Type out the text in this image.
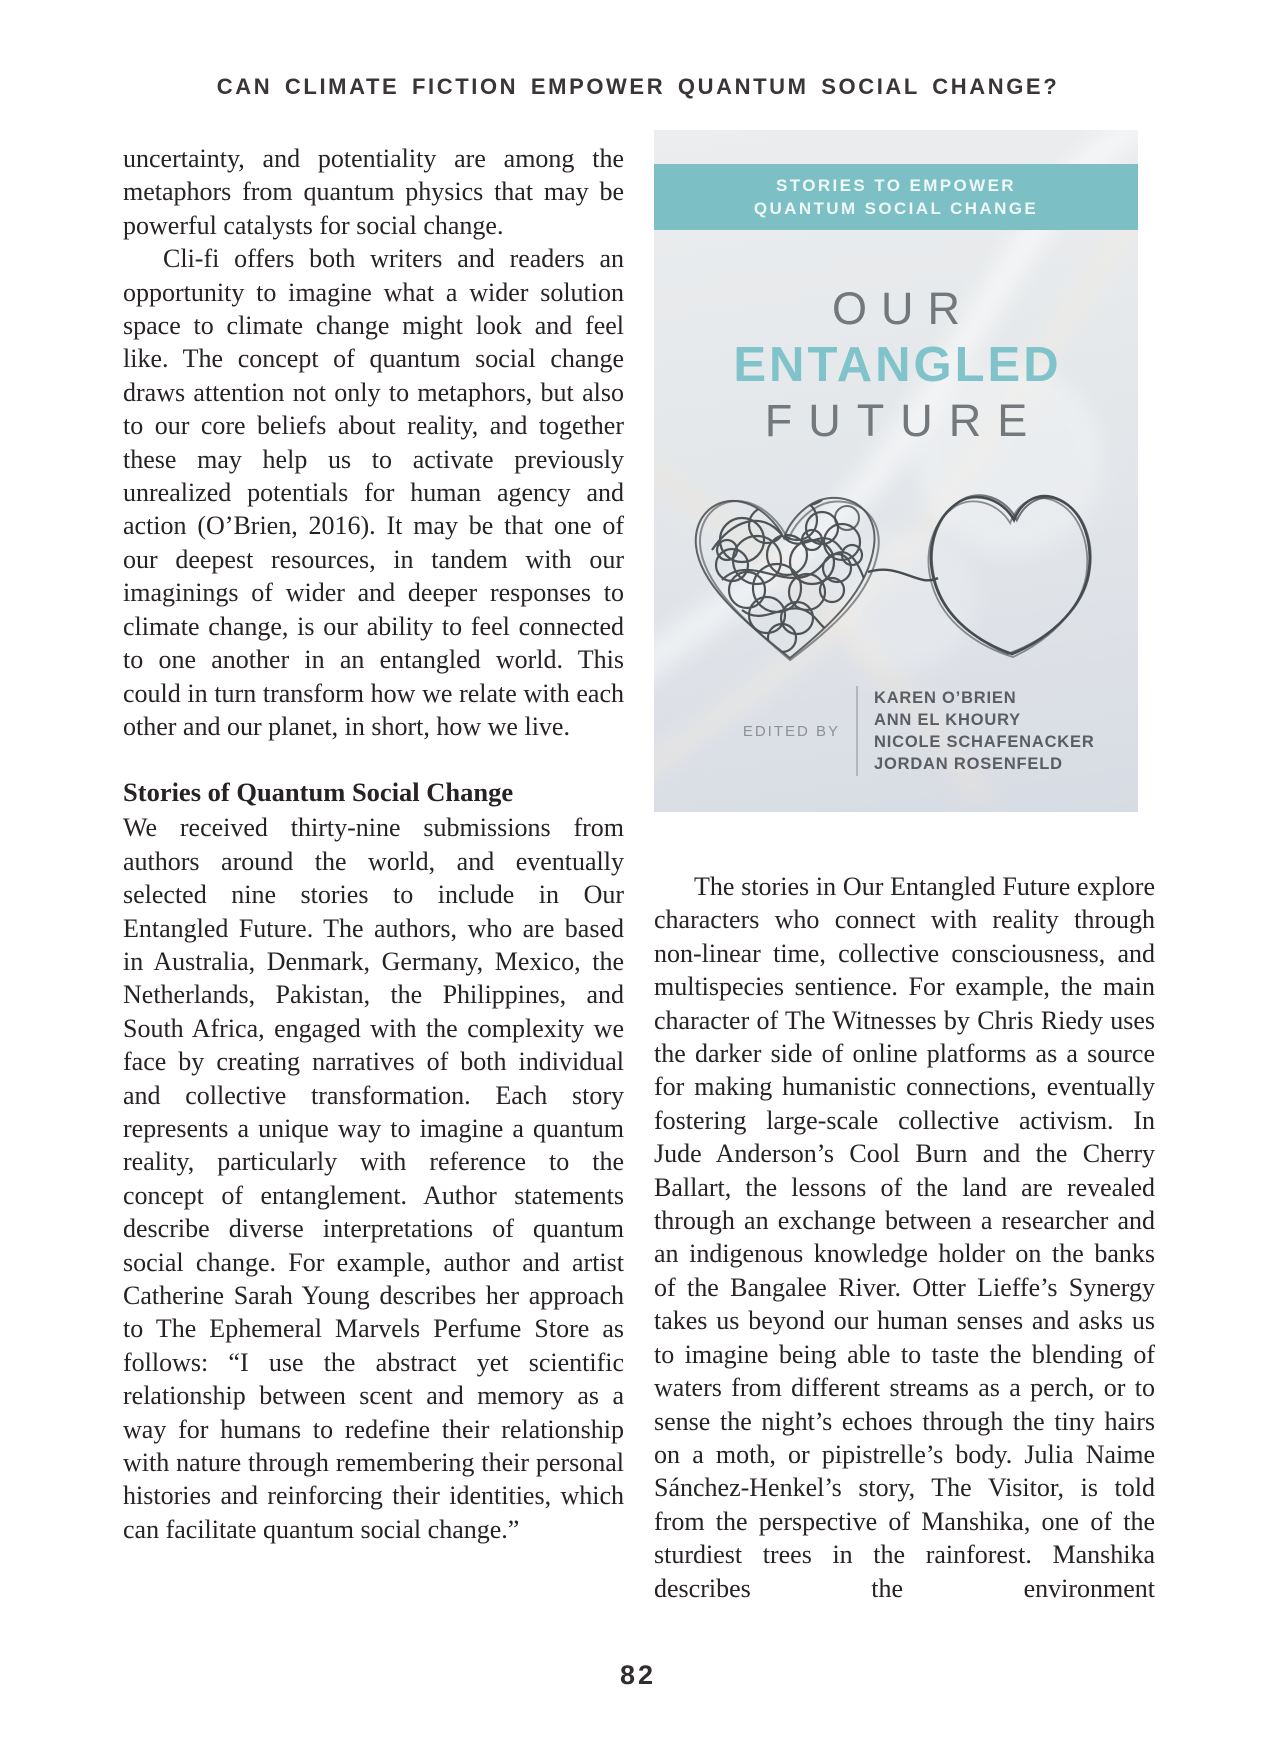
CAN CLIMATE FICTION EMPOWER QUANTUM SOCIAL CHANGE?

uncertainty, and potentiality are among the metaphors from quantum physics that may be powerful catalysts for social change.

Cli-fi offers both writers and readers an opportunity to imagine what a wider solution space to climate change might look and feel like. The concept of quantum social change draws attention not only to metaphors, but also to our core beliefs about reality, and together these may help us to activate previously unrealized potentials for human agency and action (O’Brien, 2016). It may be that one of our deepest resources, in tandem with our imaginings of wider and deeper responses to climate change, is our ability to feel connected to one another in an entangled world. This could in turn transform how we relate with each other and our planet, in short, how we live.

Stories of Quantum Social Change

We received thirty-nine submissions from authors around the world, and eventually selected nine stories to include in Our Entangled Future. The authors, who are based in Australia, Denmark, Germany, Mexico, the Netherlands, Pakistan, the Philippines, and South Africa, engaged with the complexity we face by creating narratives of both individual and collective transformation. Each story represents a unique way to imagine a quantum reality, particularly with reference to the concept of entanglement. Author statements describe diverse interpretations of quantum social change. For example, author and artist Catherine Sarah Young describes her approach to The Ephemeral Marvels Perfume Store as follows: “I use the abstract yet scientific relationship between scent and memory as a way for humans to redefine their relationship with nature through remembering their personal histories and reinforcing their identities, which can facilitate quantum social change.”

STORIES TO EMPOWER
QUANTUM SOCIAL CHANGE
OUR
ENTANGLED
FUTURE
EDITED BY
KAREN O’BRIEN
ANN EL KHOURY
NICOLE SCHAFENACKER
JORDAN ROSENFELD

The stories in Our Entangled Future explore characters who connect with reality through non-linear time, collective consciousness, and multispecies sentience. For example, the main character of The Witnesses by Chris Riedy uses the darker side of online platforms as a source for making humanistic connections, eventually fostering large-scale collective activism. In Jude Anderson’s Cool Burn and the Cherry Ballart, the lessons of the land are revealed through an exchange between a researcher and an indigenous knowledge holder on the banks of the Bangalee River. Otter Lieffe’s Synergy takes us beyond our human senses and asks us to imagine being able to taste the blending of waters from different streams as a perch, or to sense the night’s echoes through the tiny hairs on a moth, or pipistrelle’s body. Julia Naime Sánchez-Henkel’s story, The Visitor, is told from the perspective of Manshika, one of the sturdiest trees in the rainforest. Manshika describes the environment

82
